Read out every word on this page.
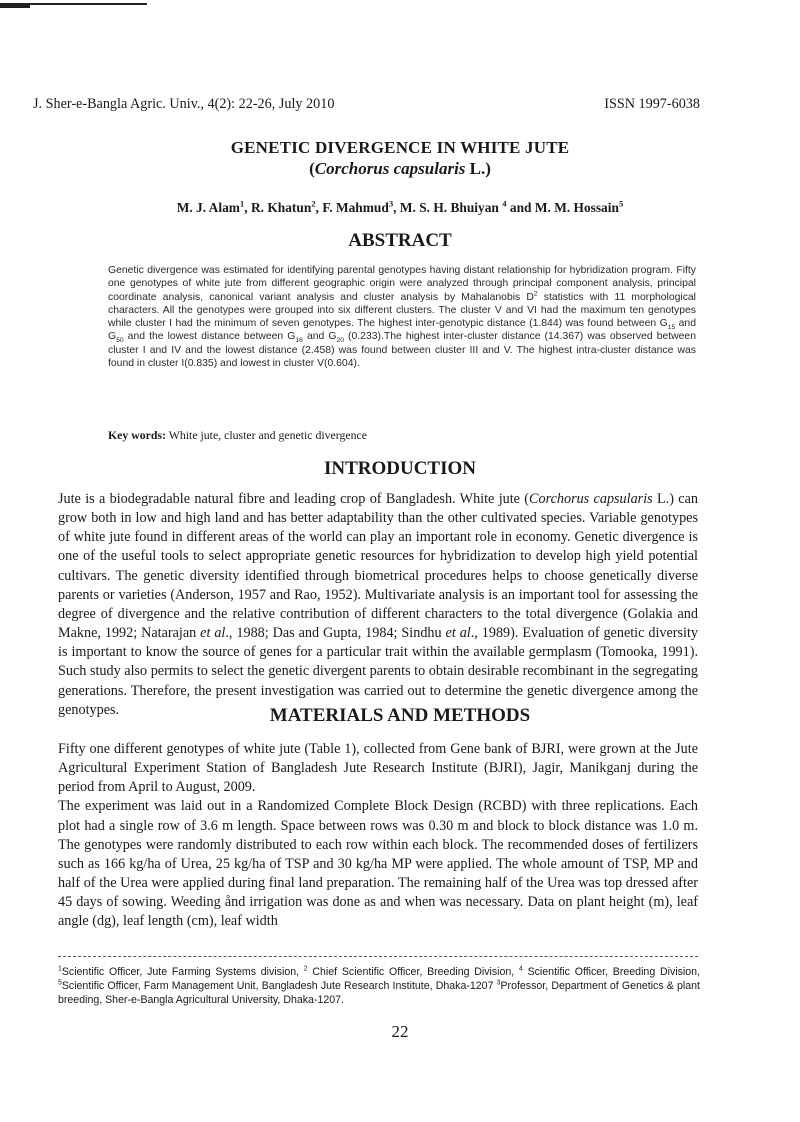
J. Sher-e-Bangla Agric. Univ., 4(2): 22-26, July 2010	ISSN 1997-6038
GENETIC DIVERGENCE IN WHITE JUTE
(Corchorus capsularis L.)
M. J. Alam$^1$, R. Khatun$^2$, F. Mahmud$^3$, M. S. H. Bhuiyan $^4$ and M. M. Hossain$^5$
ABSTRACT
Genetic divergence was estimated for identifying parental genotypes having distant relationship for hybridization program. Fifty one genotypes of white jute from different geographic origin were analyzed through principal component analysis, principal coordinate analysis, canonical variant analysis and cluster analysis by Mahalanobis $D^2$ statistics with 11 morphological characters. All the genotypes were grouped into six different clusters. The cluster V and VI had the maximum ten genotypes while cluster I had the minimum of seven genotypes. The highest inter-genotypic distance (1.844) was found between $G_{15}$ and $G_{50}$ and the lowest distance between $G_{16}$ and $G_{20}$ (0.233).The highest inter-cluster distance (14.367) was observed between cluster I and IV and the lowest distance (2.458) was found between cluster III and V. The highest intra-cluster distance was found in cluster I(0.835) and lowest in cluster V(0.604).
Key words: White jute, cluster and genetic divergence
INTRODUCTION
Jute is a biodegradable natural fibre and leading crop of Bangladesh. White jute (Corchorus capsularis L.) can grow both in low and high land and has better adaptability than the other cultivated species. Variable genotypes of white jute found in different areas of the world can play an important role in economy. Genetic divergence is one of the useful tools to select appropriate genetic resources for hybridization to develop high yield potential cultivars. The genetic diversity identified through biometrical procedures helps to choose genetically diverse parents or varieties (Anderson, 1957 and Rao, 1952). Multivariate analysis is an important tool for assessing the degree of divergence and the relative contribution of different characters to the total divergence (Golakia and Makne, 1992; Natarajan et al., 1988; Das and Gupta, 1984; Sindhu et al., 1989). Evaluation of genetic diversity is important to know the source of genes for a particular trait within the available germplasm (Tomooka, 1991). Such study also permits to select the genetic divergent parents to obtain desirable recombinant in the segregating generations. Therefore, the present investigation was carried out to determine the genetic divergence among the genotypes.	MATERIALS AND METHODS

Fifty one different genotypes of white jute (Table 1), collected from Gene bank of BJRI, were grown at the Jute Agricultural Experiment Station of Bangladesh Jute Research Institute (BJRI), Jagir, Manikganj during the period from April to August, 2009.

The experiment was laid out in a Randomized Complete Block Design (RCBD) with three replications. Each plot had a single row of 3.6 m length. Space between rows was 0.30 m and block to block distance was 1.0 m. The genotypes were randomly distributed to each row within each block. The recommended doses of fertilizers such as 166 kg/ha of Urea, 25 kg/ha of TSP and 30 kg/ha MP were applied. The whole amount of TSP, MP and half of the Urea were applied during final land preparation. The remaining half of the Urea was top dressed after 45 days of sowing. Weeding ånd irrigation was done as and when was necessary. Data on plant height (m), leaf angle (dg), leaf length (cm), leaf width

$^1$Scientific Officer, Jute Farming Systems division, $^2$ Chief Scientific Officer, Breeding Division, $^4$ Scientific Officer, Breeding Division, $^5$Scientific Officer, Farm Management Unit, Bangladesh Jute Research Institute, Dhaka-1207 $^3$Professor, Department of Genetics & plant breeding, Sher-e-Bangla Agricultural University, Dhaka-1207.
22
